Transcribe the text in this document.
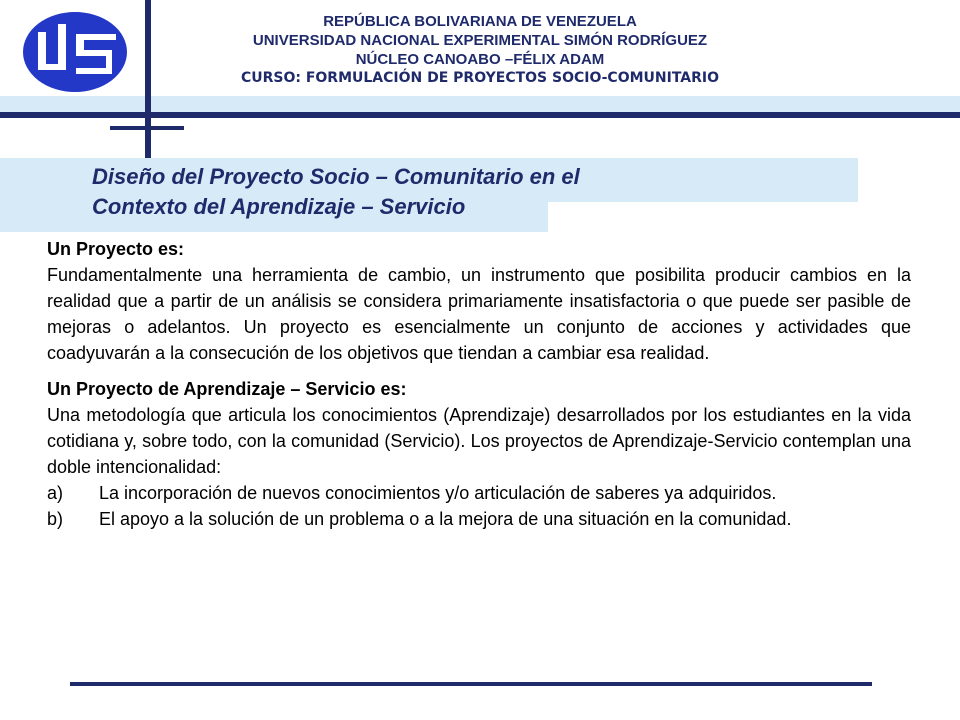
REPÚBLICA BOLIVARIANA DE VENEZUELA
UNIVERSIDAD NACIONAL EXPERIMENTAL SIMÓN RODRÍGUEZ
NÚCLEO CANOABO –FÉLIX ADAM
CURSO: FORMULACIÓN DE PROYECTOS SOCIO-COMUNITARIO
Diseño del Proyecto Socio – Comunitario en el
Contexto del Aprendizaje – Servicio
Un Proyecto es:
Fundamentalmente una herramienta de cambio, un instrumento que posibilita producir cambios en la realidad que a partir de un análisis se considera primariamente insatisfactoria o que puede ser pasible de mejoras o adelantos. Un proyecto es esencialmente un conjunto de acciones y actividades que coadyuvarán a la consecución de los objetivos que tiendan a cambiar esa realidad.
Un Proyecto de Aprendizaje – Servicio es:
Una metodología que articula los conocimientos (Aprendizaje) desarrollados por los estudiantes en la vida cotidiana y, sobre todo, con la comunidad (Servicio). Los proyectos de Aprendizaje-Servicio contemplan una doble intencionalidad:
a)	La incorporación de nuevos conocimientos y/o articulación de saberes ya adquiridos.
b)	El apoyo a la solución de un problema o a la mejora de una situación en la comunidad.
